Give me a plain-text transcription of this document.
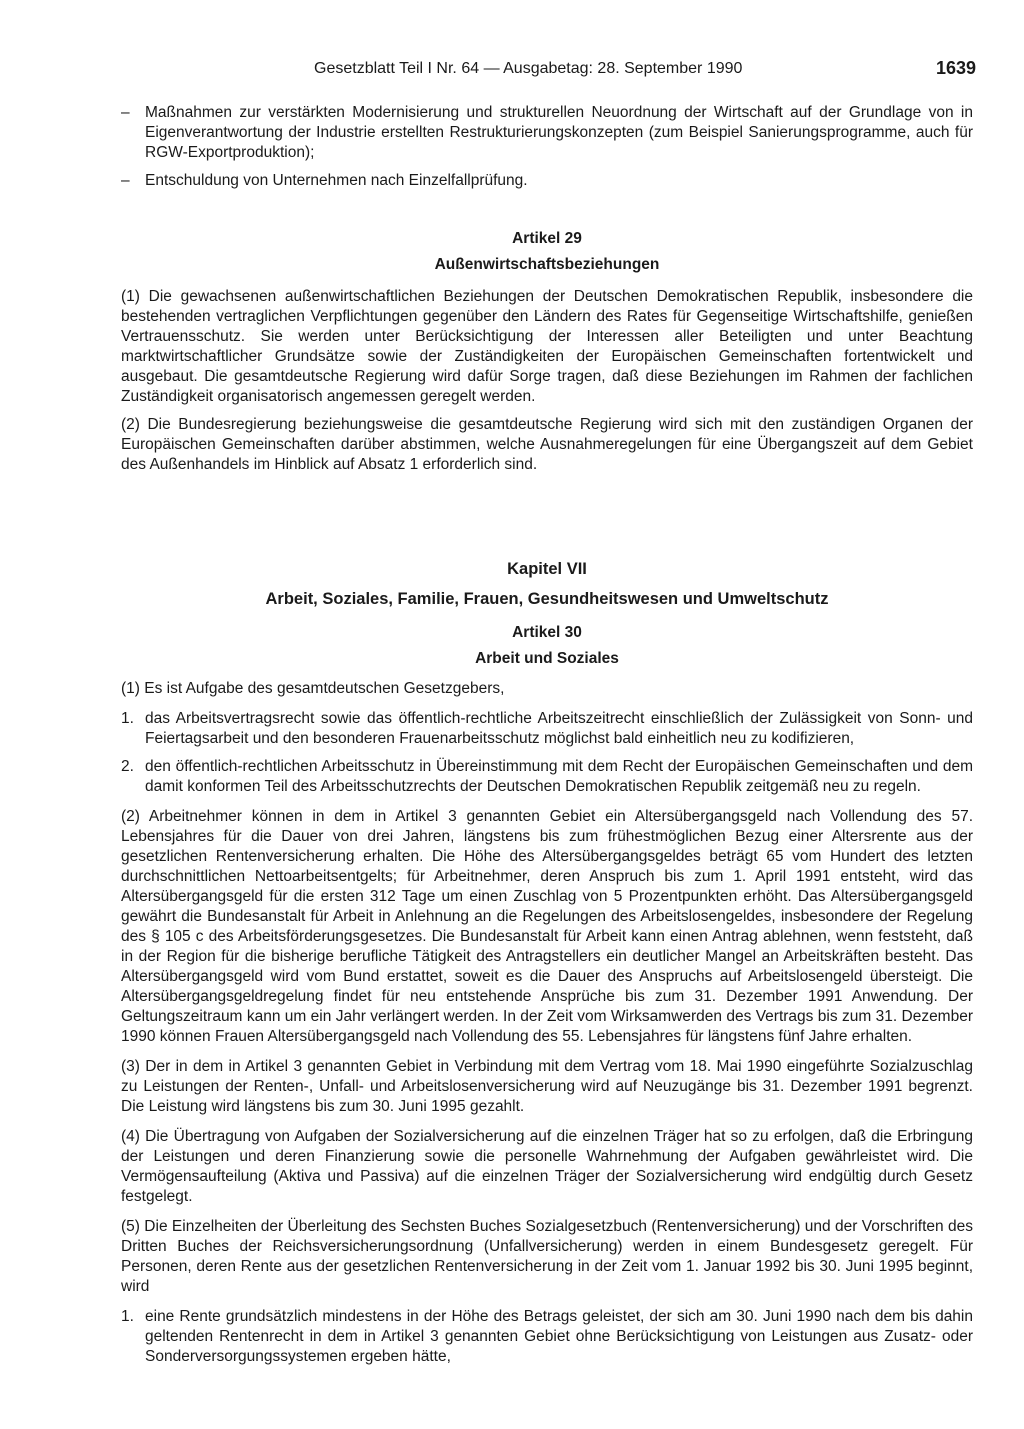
Gesetzblatt Teil I Nr. 64 — Ausgabetag: 28. September 1990	1639
– Maßnahmen zur verstärkten Modernisierung und strukturellen Neuordnung der Wirtschaft auf der Grundlage von in Eigenverantwortung der Industrie erstellten Restrukturierungskonzepten (zum Beispiel Sanierungsprogramme, auch für RGW-Exportproduktion);
– Entschuldung von Unternehmen nach Einzelfallprüfung.
Artikel 29
Außenwirtschaftsbeziehungen

(1) Die gewachsenen außenwirtschaftlichen Beziehungen der Deutschen Demokratischen Republik, insbesondere die bestehenden vertraglichen Verpflichtungen gegenüber den Ländern des Rates für Gegenseitige Wirtschaftshilfe, genießen Vertrauensschutz. Sie werden unter Berücksichtigung der Interessen aller Beteiligten und unter Beachtung marktwirtschaftlicher Grundsätze sowie der Zuständigkeiten der Europäischen Gemeinschaften fortentwickelt und ausgebaut. Die gesamtdeutsche Regierung wird dafür Sorge tragen, daß diese Beziehungen im Rahmen der fachlichen Zuständigkeit organisatorisch angemessen geregelt werden.

(2) Die Bundesregierung beziehungsweise die gesamtdeutsche Regierung wird sich mit den zuständigen Organen der Europäischen Gemeinschaften darüber abstimmen, welche Ausnahmeregelungen für eine Übergangszeit auf dem Gebiet des Außenhandels im Hinblick auf Absatz 1 erforderlich sind.

Kapitel VII
Arbeit, Soziales, Familie, Frauen, Gesundheitswesen und Umweltschutz
Artikel 30
Arbeit und Soziales

(1) Es ist Aufgabe des gesamtdeutschen Gesetzgebers,

1. das Arbeitsvertragsrecht sowie das öffentlich-rechtliche Arbeitszeitrecht einschließlich der Zulässigkeit von Sonn- und Feiertagsarbeit und den besonderen Frauenarbeitsschutz möglichst bald einheitlich neu zu kodifizieren,
2. den öffentlich-rechtlichen Arbeitsschutz in Übereinstimmung mit dem Recht der Europäischen Gemeinschaften und dem damit konformen Teil des Arbeitsschutzrechts der Deutschen Demokratischen Republik zeitgemäß neu zu regeln.

(2) Arbeitnehmer können in dem in Artikel 3 genannten Gebiet ein Altersübergangsgeld nach Vollendung des 57. Lebensjahres für die Dauer von drei Jahren, längstens bis zum frühestmöglichen Bezug einer Altersrente aus der gesetzlichen Rentenversicherung erhalten. Die Höhe des Altersübergangsgeldes beträgt 65 vom Hundert des letzten durchschnittlichen Nettoarbeitsentgelts; für Arbeitnehmer, deren Anspruch bis zum 1. April 1991 entsteht, wird das Altersübergangsgeld für die ersten 312 Tage um einen Zuschlag von 5 Prozentpunkten erhöht. Das Altersübergangsgeld gewährt die Bundesanstalt für Arbeit in Anlehnung an die Regelungen des Arbeitslosengeldes, insbesondere der Regelung des § 105 c des Arbeitsförderungsgesetzes. Die Bundesanstalt für Arbeit kann einen Antrag ablehnen, wenn feststeht, daß in der Region für die bisherige berufliche Tätigkeit des Antragstellers ein deutlicher Mangel an Arbeitskräften besteht. Das Altersübergangsgeld wird vom Bund erstattet, soweit es die Dauer des Anspruchs auf Arbeitslosengeld übersteigt. Die Altersübergangsgeldregelung findet für neu entstehende Ansprüche bis zum 31. Dezember 1991 Anwendung. Der Geltungszeitraum kann um ein Jahr verlängert werden. In der Zeit vom Wirksamwerden des Vertrags bis zum 31. Dezember 1990 können Frauen Altersübergangsgeld nach Vollendung des 55. Lebensjahres für längstens fünf Jahre erhalten.

(3) Der in dem in Artikel 3 genannten Gebiet in Verbindung mit dem Vertrag vom 18. Mai 1990 eingeführte Sozialzuschlag zu Leistungen der Renten-, Unfall- und Arbeitslosenversicherung wird auf Neuzugänge bis 31. Dezember 1991 begrenzt. Die Leistung wird längstens bis zum 30. Juni 1995 gezahlt.

(4) Die Übertragung von Aufgaben der Sozialversicherung auf die einzelnen Träger hat so zu erfolgen, daß die Erbringung der Leistungen und deren Finanzierung sowie die personelle Wahrnehmung der Aufgaben gewährleistet wird. Die Vermögensaufteilung (Aktiva und Passiva) auf die einzelnen Träger der Sozialversicherung wird endgültig durch Gesetz festgelegt.

(5) Die Einzelheiten der Überleitung des Sechsten Buches Sozialgesetzbuch (Rentenversicherung) und der Vorschriften des Dritten Buches der Reichsversicherungsordnung (Unfallversicherung) werden in einem Bundesgesetz geregelt. Für Personen, deren Rente aus der gesetzlichen Rentenversicherung in der Zeit vom 1. Januar 1992 bis 30. Juni 1995 beginnt, wird

1. eine Rente grundsätzlich mindestens in der Höhe des Betrags geleistet, der sich am 30. Juni 1990 nach dem bis dahin geltenden Rentenrecht in dem in Artikel 3 genannten Gebiet ohne Berücksichtigung von Leistungen aus Zusatz- oder Sonderversorgungssystemen ergeben hätte,
